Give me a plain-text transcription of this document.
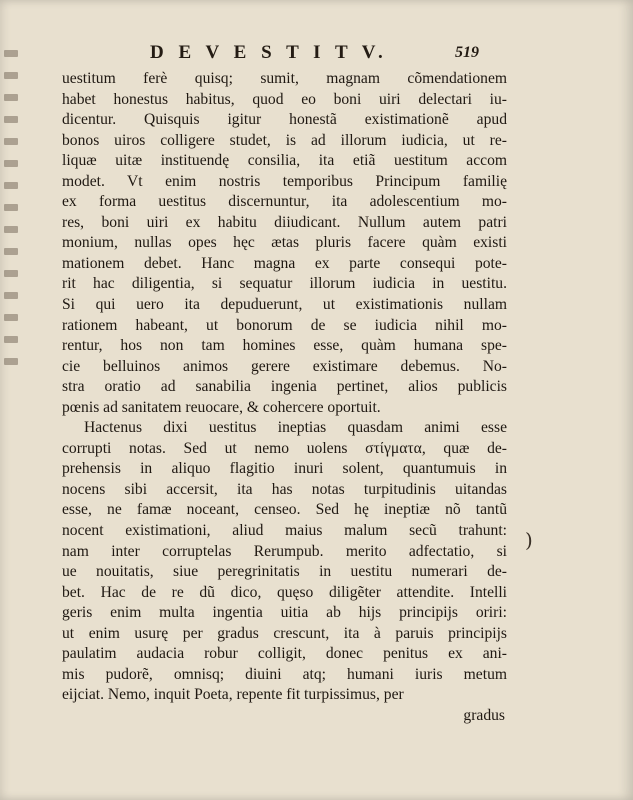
D E V E S T I T V.	519
uestitum ferè quisq; sumit, magnam cõmendationem
habet honestus habitus, quod eo boni uiri delectari iu-
dicentur. Quisquis igitur honestã existimationẽ apud
bonos uiros colligere studet, is ad illorum iudicia, ut re-
liquæ uitæ instituendę consilia, ita etiã uestitum accom
modet. Vt enim nostris temporibus Principum familię
ex forma uestitus discernuntur, ita adolescentium mo-
res, boni uiri ex habitu diiudicant. Nullum autem patri
monium, nullas opes hęc ætas pluris facere quàm existi
mationem debet. Hanc magna ex parte consequi pote-
rit hac diligentia, si sequatur illorum iudicia in uestitu.
Si qui uero ita depuduerunt, ut existimationis nullam
rationem habeant, ut bonorum de se iudicia nihil mo-
rentur, hos non tam homines esse, quàm humana spe-
cie belluinos animos gerere existimare debemus. No-
stra oratio ad sanabilia ingenia pertinet, alios publicis
pœnis ad sanitatem reuocare, & cohercere oportuit.
Hactenus dixi uestitus ineptias quasdam animi esse
corrupti notas. Sed ut nemo uolens στίγματα, quæ de-
prehensis in aliquo flagitio inuri solent, quantumuis in
nocens sibi accersit, ita has notas turpitudinis uitandas
esse, ne famæ noceant, censeo. Sed hę ineptiæ nõ tantũ
nocent existimationi, aliud maius malum secũ trahunt:
nam inter corruptelas Rerumpub. merito adfectatio, si
ue nouitatis, siue peregrinitatis in uestitu numerari de-
bet. Hac de re dũ dico, quęso diligẽter attendite. Intelli
geris enim multa ingentia uitia ab hijs principijs oriri:
ut enim usurę per gradus crescunt, ita à paruis principijs
paulatim audacia robur colligit, donec penitus ex ani-
mis pudorẽ, omnisq; diuini atq; humani iuris metum
eijciat. Nemo, inquit Poeta, repente fit turpissimus, per
gradus
)
